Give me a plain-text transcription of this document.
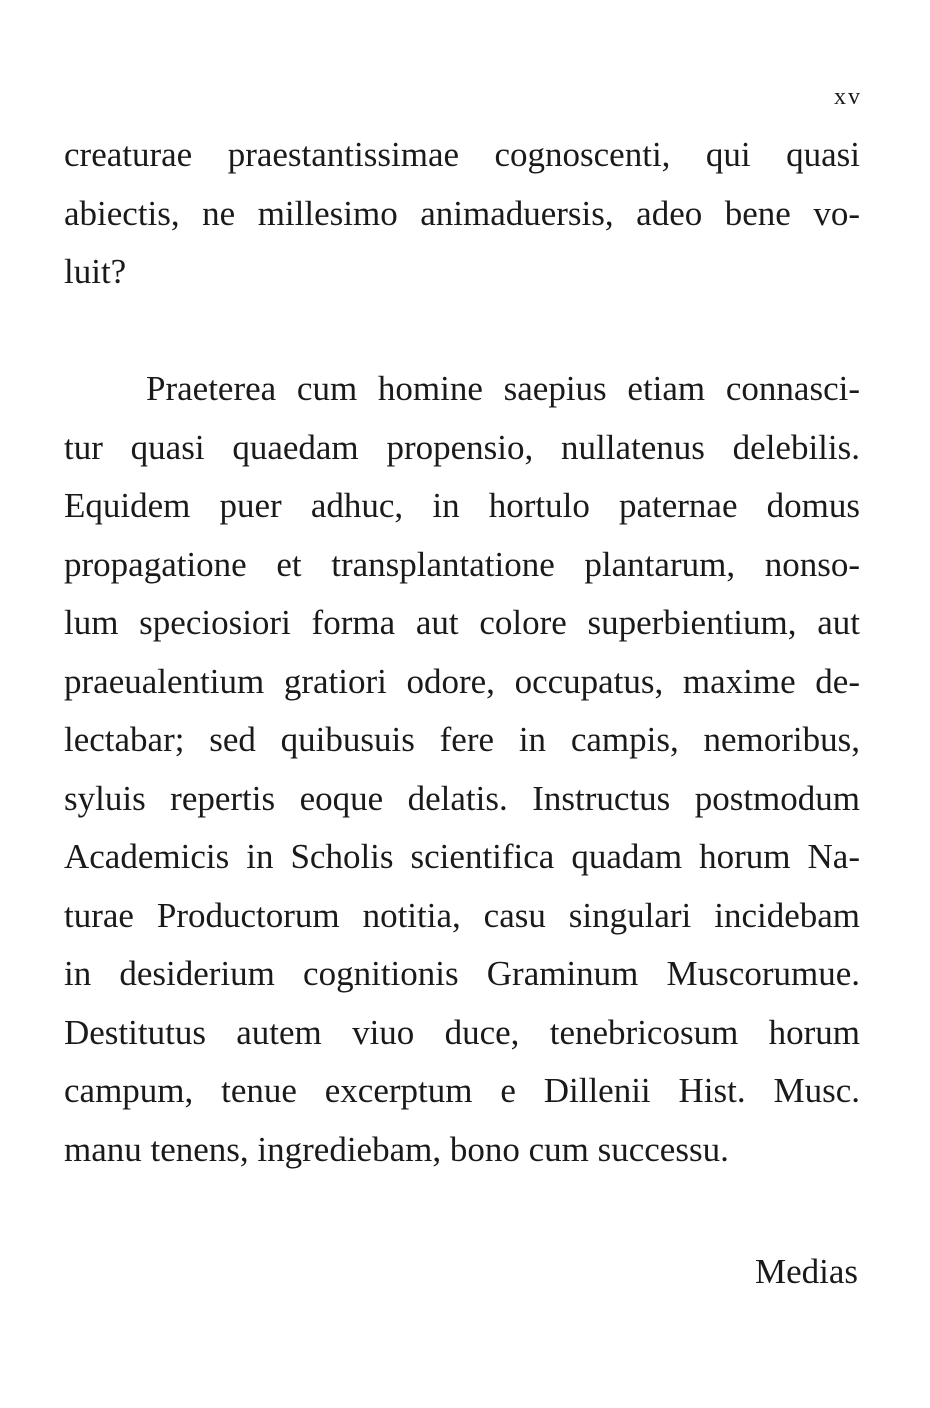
xv
creaturae praestantissimae cognoscenti, qui quasi
abiectis, ne millesimo animaduersis, adeo bene vo-
luit?
Praeterea cum homine saepius etiam connasci-
tur quasi quaedam propensio, nullatenus delebilis.
Equidem puer adhuc, in hortulo paternae domus
propagatione et transplantatione plantarum, nonso-
lum speciosiori forma aut colore superbientium, aut
praeualentium gratiori odore, occupatus, maxime de-
lectabar; sed quibusuis fere in campis, nemoribus,
syluis repertis eoque delatis. Instructus postmodum
Academicis in Scholis scientifica quadam horum Na-
turae Productorum notitia, casu singulari incidebam
in desiderium cognitionis Graminum Muscorumue.
Destitutus autem viuo duce, tenebricosum horum
campum, tenue excerptum e Dillenii Hist. Musc.
manu tenens, ingrediebam, bono cum successu.
Medias
